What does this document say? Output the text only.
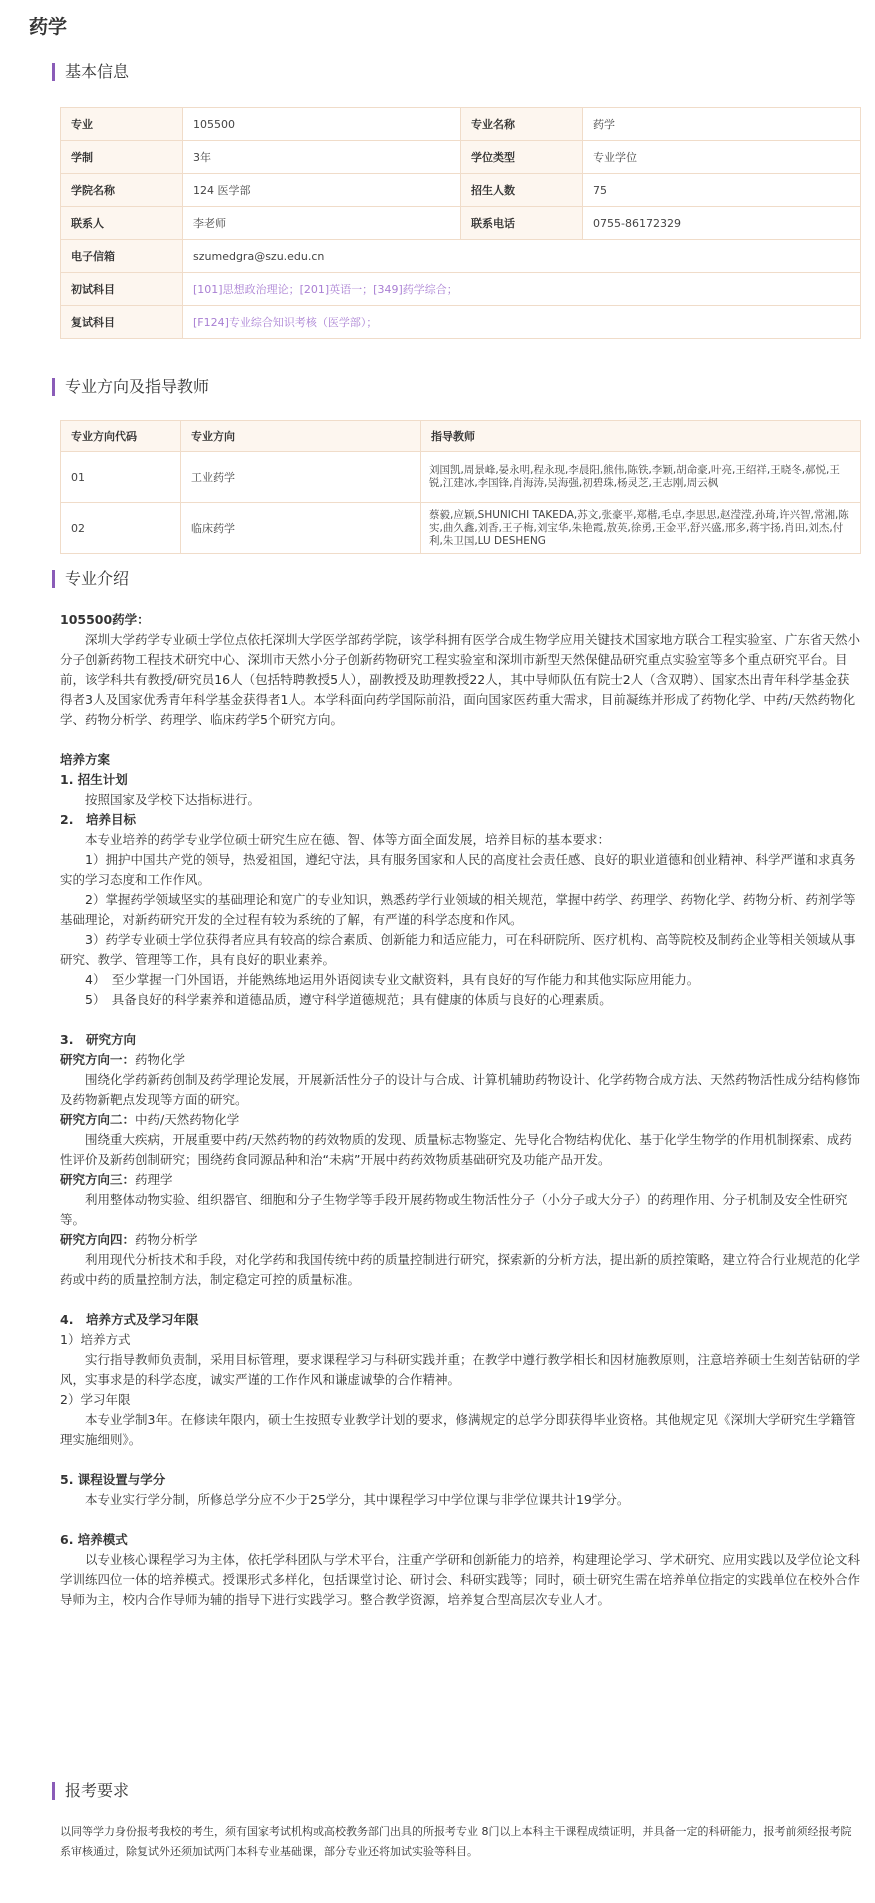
药学
基本信息
专业	105500	专业名称	药学
学制	3年	学位类型	专业学位
学院名称	124 医学部	招生人数	75
联系人	李老师	联系电话	0755-86172329
电子信箱	szumedgra@szu.edu.cn		
初试科目	[101]思想政治理论；[201]英语一；[349]药学综合；		
复试科目	[F124]专业综合知识考核（医学部）；		
专业方向及指导教师
专业方向代码	专业方向	指导教师
01	工业药学	刘国凯,周景峰,晏永明,程永现,李晨阳,熊伟,陈铁,李颖,胡命豪,叶亮,王绍祥,王晓冬,郝悦,王锐,江建冰,李国锋,肖海涛,吴海强,初碧珠,杨灵芝,王志刚,周云枫
02	临床药学	蔡毅,应颖,SHUNICHI TAKEDA,苏文,张豪平,郑楷,毛卓,李思思,赵滢滢,孙琦,许兴智,常湘,陈实,曲久鑫,刘香,王子梅,刘宝华,朱艳霞,敖英,徐勇,王金平,舒兴盛,邢多,蒋宇扬,肖田,刘杰,付利,朱卫国,LU DESHENG
专业介绍

105500药学：

深圳大学药学专业硕士学位点依托深圳大学医学部药学院，该学科拥有医学合成生物学应用关键技术国家地方联合工程实验室、广东省天然小分子创新药物工程技术研究中心、深圳市天然小分子创新药物研究工程实验室和深圳市新型天然保健品研究重点实验室等多个重点研究平台。目前，该学科共有教授/研究员16人（包括特聘教授5人），副教授及助理教授22人，其中导师队伍有院士2人（含双聘）、国家杰出青年科学基金获得者3人及国家优秀青年科学基金获得者1人。本学科面向药学国际前沿，面向国家医药重大需求，目前凝练并形成了药物化学、中药/天然药物化学、药物分析学、药理学、临床药学5个研究方向。

培养方案

1. 招生计划

按照国家及学校下达指标进行。

2.　培养目标

本专业培养的药学专业学位硕士研究生应在德、智、体等方面全面发展，培养目标的基本要求：

1）拥护中国共产党的领导，热爱祖国，遵纪守法，具有服务国家和人民的高度社会责任感、良好的职业道德和创业精神、科学严谨和求真务实的学习态度和工作作风。

2）掌握药学领域坚实的基础理论和宽广的专业知识，熟悉药学行业领域的相关规范，掌握中药学、药理学、药物化学、药物分析、药剂学等基础理论，对新药研究开发的全过程有较为系统的了解，有严谨的科学态度和作风。

3）药学专业硕士学位获得者应具有较高的综合素质、创新能力和适应能力，可在科研院所、医疗机构、高等院校及制药企业等相关领域从事研究、教学、管理等工作，具有良好的职业素养。

4）　至少掌握一门外国语，并能熟练地运用外语阅读专业文献资料，具有良好的写作能力和其他实际应用能力。

5）　具备良好的科学素养和道德品质，遵守科学道德规范；具有健康的体质与良好的心理素质。

3.　研究方向

研究方向一：药物化学

围绕化学药新药创制及药学理论发展，开展新活性分子的设计与合成、计算机辅助药物设计、化学药物合成方法、天然药物活性成分结构修饰及药物新靶点发现等方面的研究。

研究方向二：中药/天然药物化学

围绕重大疾病，开展重要中药/天然药物的药效物质的发现、质量标志物鉴定、先导化合物结构优化、基于化学生物学的作用机制探索、成药性评价及新药创制研究；围绕药食同源品种和治“未病”开展中药药效物质基础研究及功能产品开发。

研究方向三：药理学

利用整体动物实验、组织器官、细胞和分子生物学等手段开展药物或生物活性分子（小分子或大分子）的药理作用、分子机制及安全性研究等。

研究方向四：药物分析学

利用现代分析技术和手段，对化学药和我国传统中药的质量控制进行研究，探索新的分析方法，提出新的质控策略，建立符合行业规范的化学药或中药的质量控制方法，制定稳定可控的质量标准。

4.　培养方式及学习年限

1）培养方式

实行指导教师负责制，采用目标管理，要求课程学习与科研实践并重；在教学中遵行教学相长和因材施教原则，注意培养硕士生刻苦钻研的学风，实事求是的科学态度，诚实严谨的工作作风和谦虚诚挚的合作精神。

2）学习年限

本专业学制3年。在修读年限内，硕士生按照专业教学计划的要求，修满规定的总学分即获得毕业资格。其他规定见《深圳大学研究生学籍管理实施细则》。

5. 课程设置与学分

本专业实行学分制，所修总学分应不少于25学分，其中课程学习中学位课与非学位课共计19学分。

6. 培养模式

以专业核心课程学习为主体，依托学科团队与学术平台，注重产学研和创新能力的培养，构建理论学习、学术研究、应用实践以及学位论文科学训练四位一体的培养模式。授课形式多样化，包括课堂讨论、研讨会、科研实践等；同时，硕士研究生需在培养单位指定的实践单位在校外合作导师为主，校内合作导师为辅的指导下进行实践学习。整合教学资源，培养复合型高层次专业人才。

报考要求
以同等学力身份报考我校的考生，须有国家考试机构或高校教务部门出具的所报考专业 8门以上本科主干课程成绩证明，并具备一定的科研能力，报考前须经报考院系审核通过，除复试外还须加试两门本科专业基础课，部分专业还将加试实验等科目。
